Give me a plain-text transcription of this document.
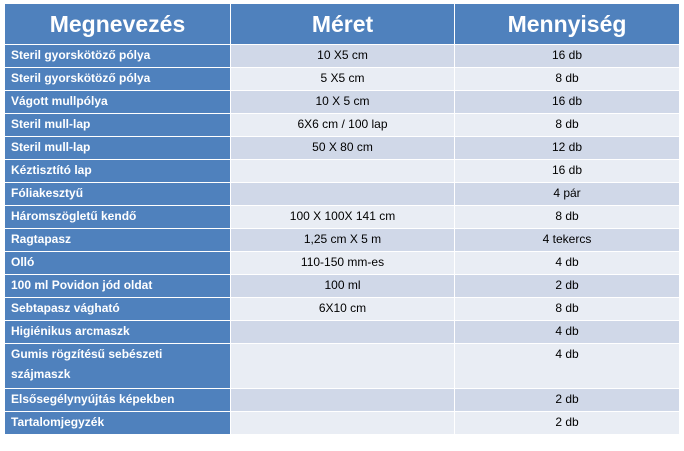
Megnevezés	Méret	Mennyiség
Steril gyorskötöző pólya	10 X5 cm	16 db
Steril gyorskötöző pólya	5 X5 cm	8 db
Vágott mullpólya	10 X 5 cm	16 db
Steril mull-lap	6X6 cm / 100 lap	8 db
Steril mull-lap	50 X 80 cm	12 db
Kéztisztító lap		16 db
Fóliakesztyű		4 pár
Háromszögletű kendő	100 X 100X 141 cm	8 db
Ragtapasz	1,25 cm X 5 m	4 tekercs
Olló	110-150 mm-es	4 db
100 ml Povidon jód oldat	100 ml	2 db
Sebtapasz vágható	6X10 cm	8 db
Higiénikus arcmaszk		4 db
Gumis rögzítésű sebészeti szájmaszk		4 db
Elsősegélynyújtás képekben		2 db
Tartalomjegyzék		2 db
